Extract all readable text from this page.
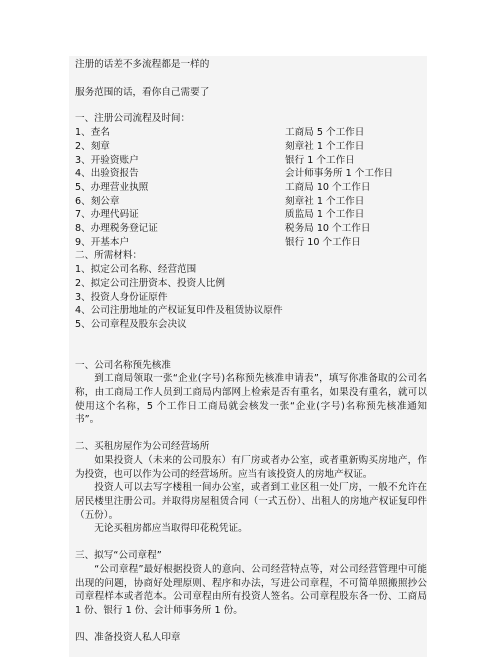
注册的话差不多流程都是一样的

服务范围的话，看你自己需要了

一、注册公司流程及时间：

1、查名	工商局 5 个工作日
2、刻章	刻章社 1 个工作日
3、开验资账户	银行 1 个工作日
4、出验资报告	会计师事务所 1 个工作日
5、办理营业执照	工商局 10 个工作日
6、刻公章	刻章社 1 个工作日
7、办理代码证	质监局 1 个工作日
8、办理税务登记证	税务局 10 个工作日
9、开基本户	银行 10 个工作日

二、所需材料：

1、拟定公司名称、经营范围

2、拟定公司注册资本、投资人比例

3、投资人身份证原件

4、公司注册地址的产权证复印件及租赁协议原件

5、公司章程及股东会决议

一、公司名称预先核准

到工商局领取一张“企业(字号)名称预先核准申请表”，填写你准备取的公司名称，由工商局工作人员到工商局内部网上检索是否有重名，如果没有重名，就可以使用这个名称，5 个工作日工商局就会核发一张“企业(字号)名称预先核准通知书”。

二、买租房屋作为公司经营场所

如果投资人（未来的公司股东）有厂房或者办公室，或者重新购买房地产，作为投资，也可以作为公司的经营场所。应当有该投资人的房地产权证。

投资人可以去写字楼租一间办公室，或者到工业区租一处厂房，一般不允许在居民楼里注册公司。并取得房屋租赁合同（一式五份）、出租人的房地产权证复印件（五份）。

无论买租房都应当取得印花税凭证。

三、拟写“公司章程”

“公司章程”最好根据投资人的意向、公司经营特点等，对公司经营管理中可能出现的问题，协商好处理原则、程序和办法，写进公司章程，不可简单照搬照抄公司章程样本或者范本。公司章程由所有投资人签名。公司章程股东各一份、工商局 1 份、银行 1 份、会计师事务所 1 份。

四、准备投资人私人印章
